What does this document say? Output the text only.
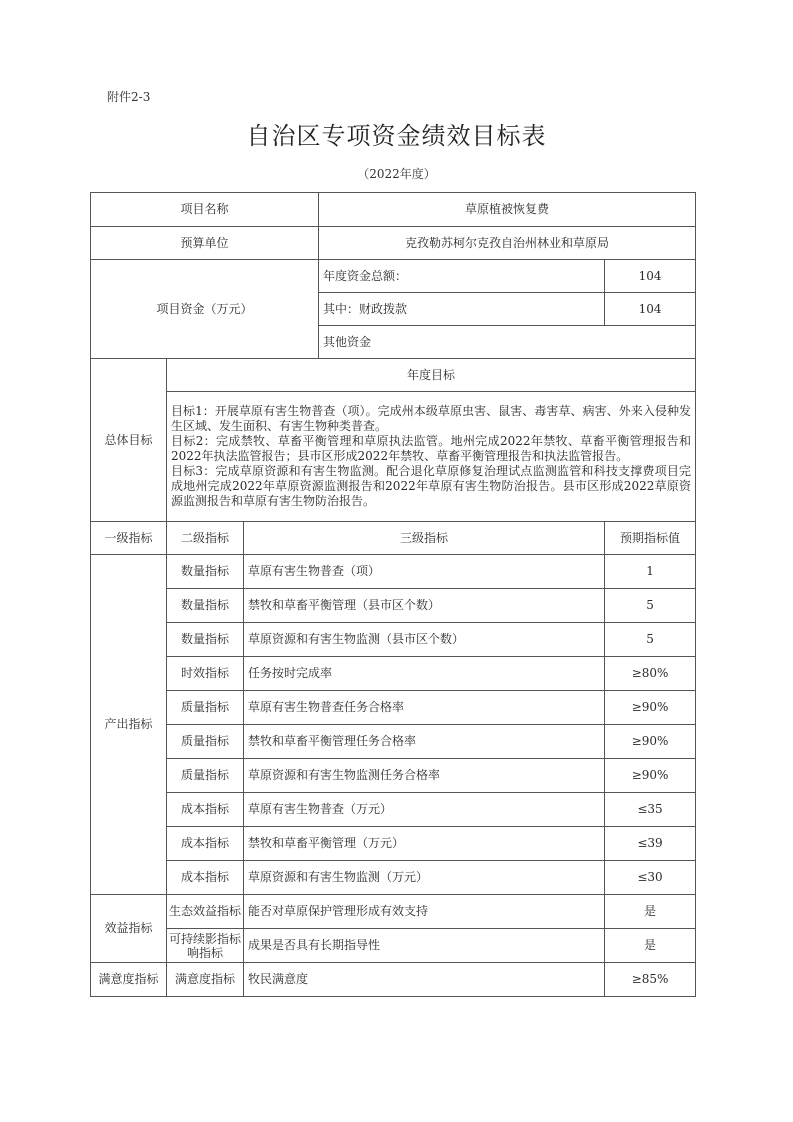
附件2-3
自治区专项资金绩效目标表
（2022年度）
项目名称			草原植被恢复费	
预算单位			克孜勒苏柯尔克孜自治州林业和草原局	
项目资金（万元）			年度资金总额：	104
			其中：财政拨款	104
			其他资金	
总体目标	年度目标			

	目标1：开展草原有害生物普查（项）。完成州本级草原虫害、鼠害、毒害草、病害、外来入侵种发生区域、发生面积、有害生物种类普查。
目标2：完成禁牧、草畜平衡管理和草原执法监管。地州完成2022年禁牧、草畜平衡管理报告和2022年执法监管报告；县市区形成2022年禁牧、草畜平衡管理报告和执法监管报告。
目标3：完成草原资源和有害生物监测。配合退化草原修复治理试点监测监管和科技支撑费项目完成地州完成2022年草原资源监测报告和2022年草原有害生物防治报告。县市区形成2022草原资源监测报告和草原有害生物防治报告。			

一级指标	二级指标	三级指标		预期指标值
产出指标	数量指标	草原有害生物普查（项）		1
	数量指标	禁牧和草畜平衡管理（县市区个数）		5
	数量指标	草原资源和有害生物监测（县市区个数）		5
	时效指标	任务按时完成率		≥80%
	质量指标	草原有害生物普查任务合格率		≥90%
	质量指标	禁牧和草畜平衡管理任务合格率		≥90%
	质量指标	草原资源和有害生物监测任务合格率		≥90%
	成本指标	草原有害生物普查（万元）		≤35
	成本指标	禁牧和草畜平衡管理（万元）		≤39
	成本指标	草原资源和有害生物监测（万元）		≤30
效益指标	生态效益指标	能否对草原保护管理形成有效支持		是
	可持续影指标响指标	成果是否具有长期指导性		是
满意度指标	满意度指标	牧民满意度		≥85%
